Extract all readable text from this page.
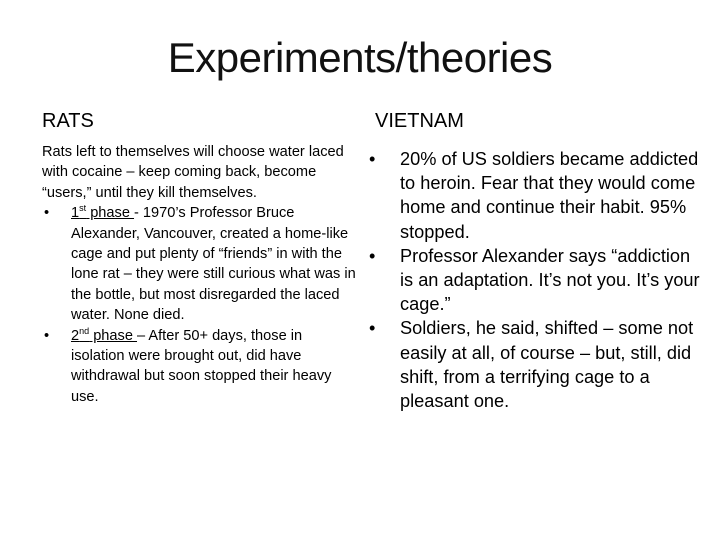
Experiments/theories
RATS	VIETNAM

Rats left to themselves will choose water laced with cocaine – keep coming back, become “users,” until they kill themselves.

• 1st phase - 1970’s Professor Bruce Alexander, Vancouver, created a home-like cage and put plenty of “friends” in with the lone rat – they were still curious what was in the bottle, but most disregarded the laced water. None died.
• 2nd phase – After 50+ days, those in isolation were brought out, did have withdrawal but soon stopped their heavy use.
• 20% of US soldiers became addicted to heroin. Fear that they would come home and continue their habit. 95% stopped.
• Professor Alexander says “addiction is an adaptation. It’s not you. It’s your cage.”
• Soldiers, he said, shifted – some not easily at all, of course – but, still, did shift, from a terrifying cage to a pleasant one.
